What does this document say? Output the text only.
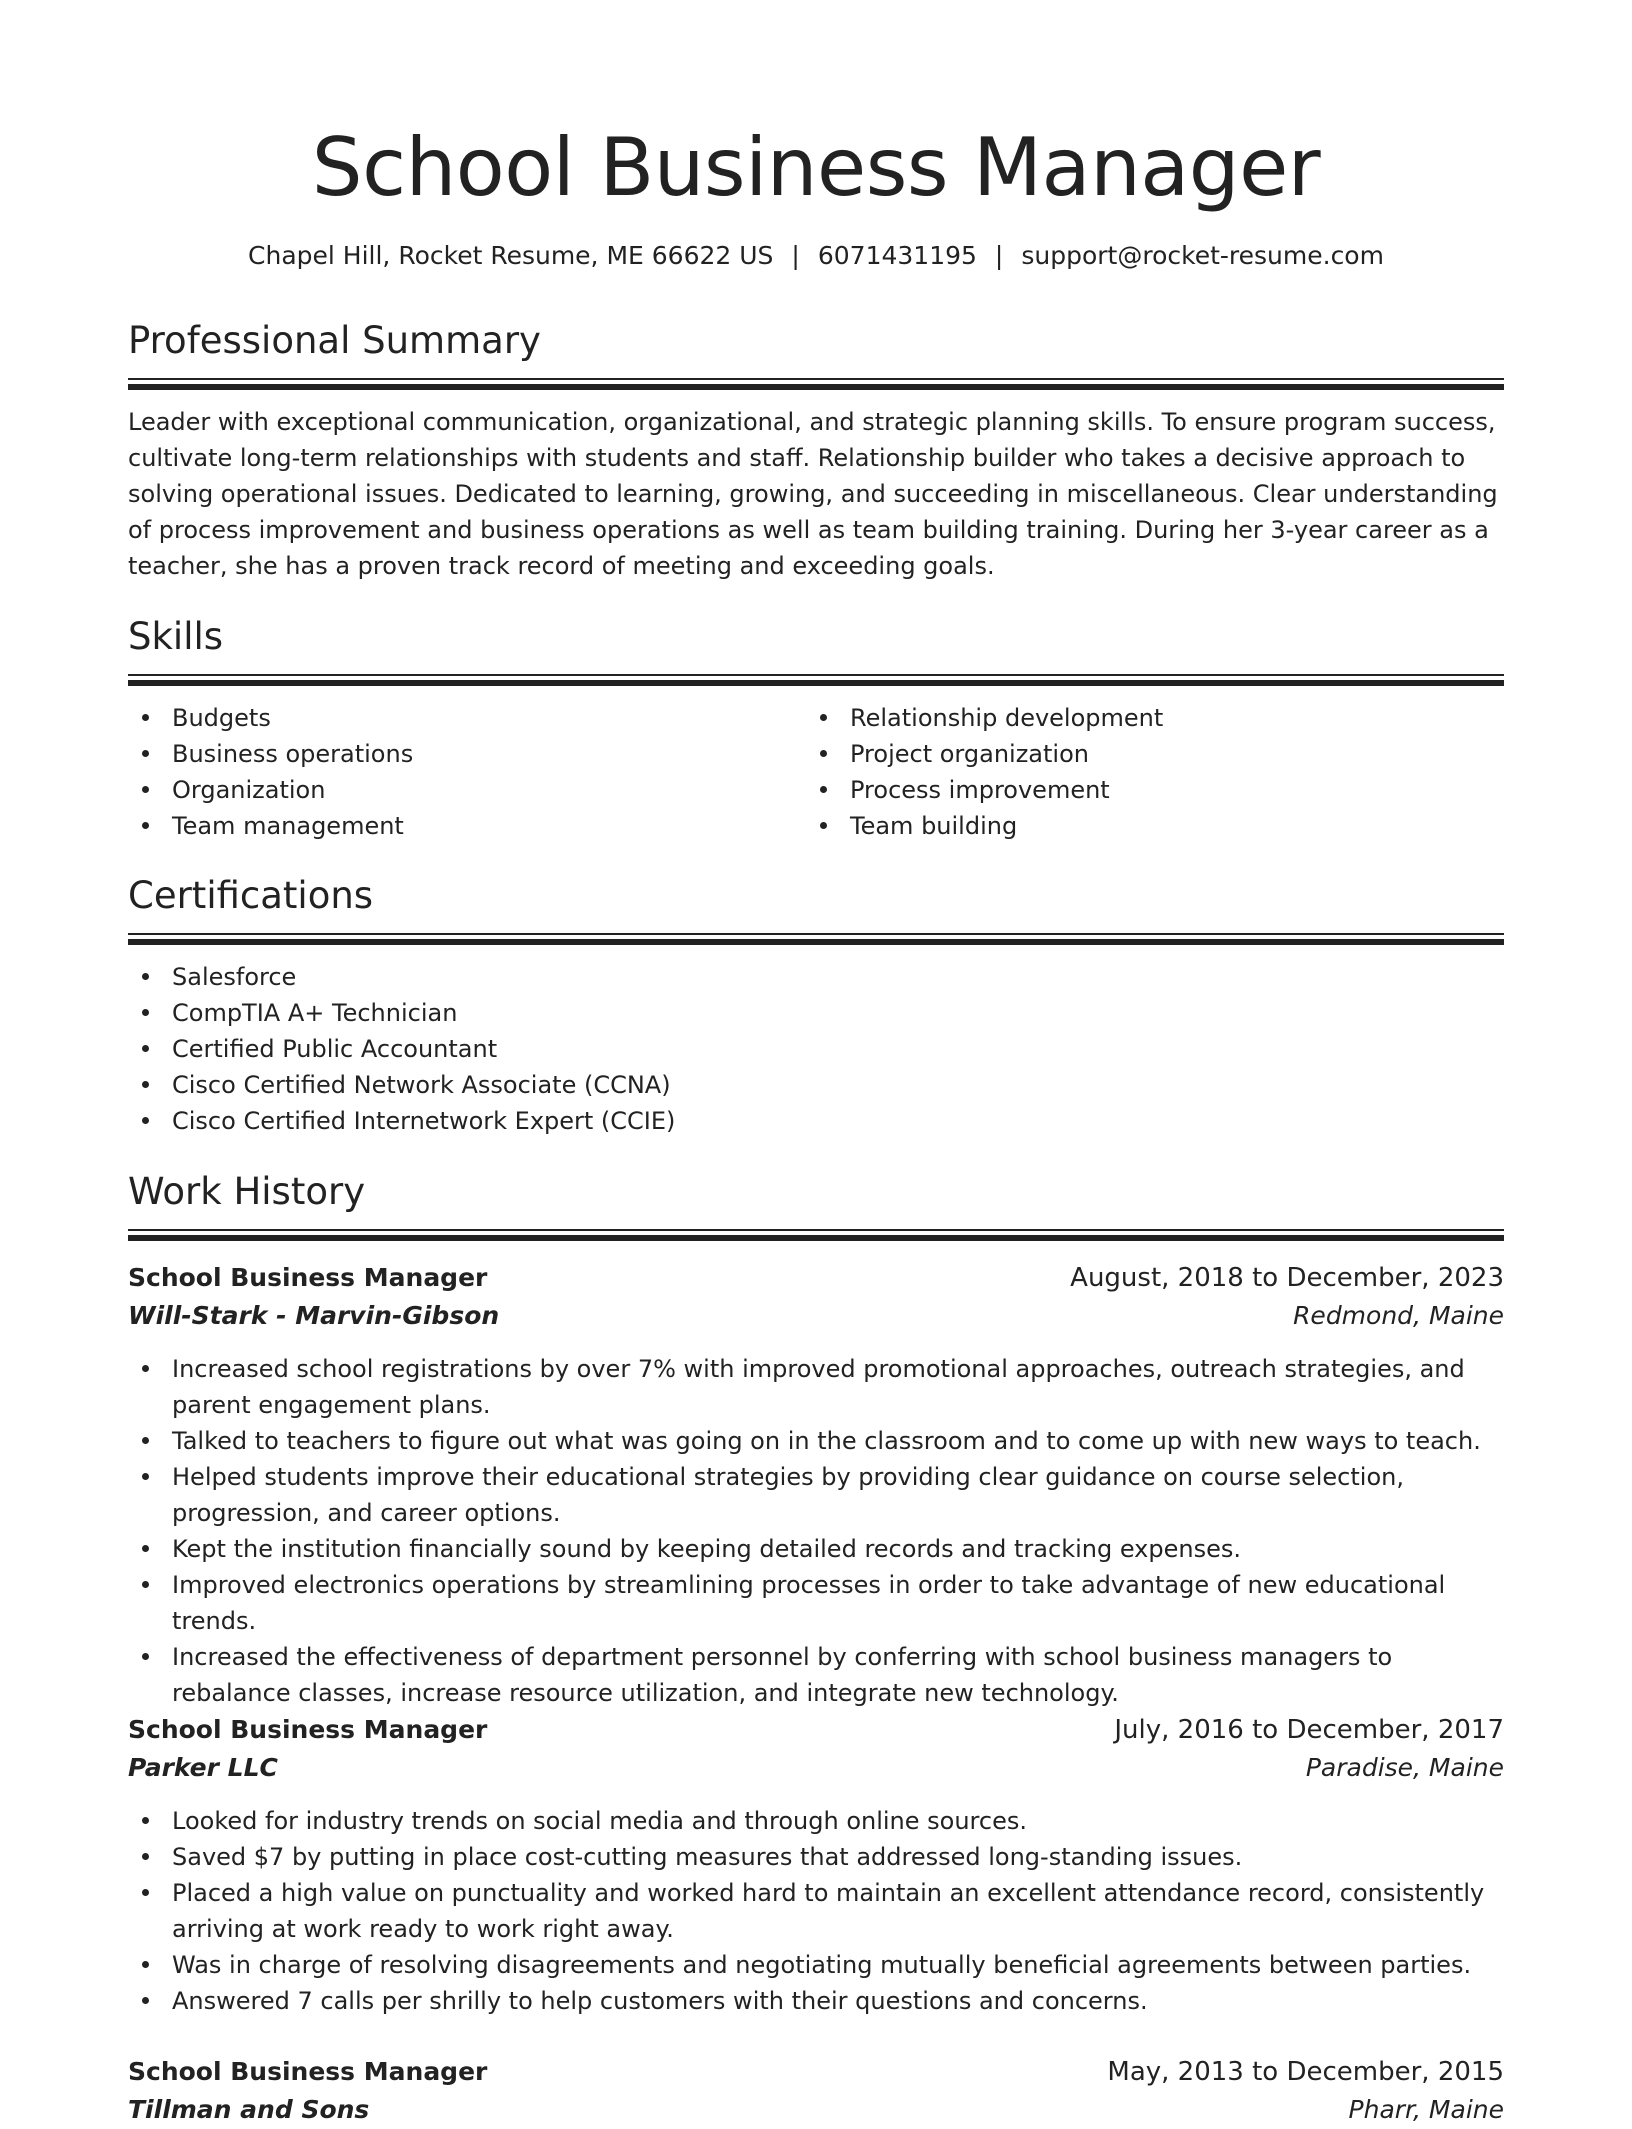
School Business Manager
Chapel Hill, Rocket Resume, ME 66622 US | 6071431195 | support@rocket-resume.com
Professional Summary
Leader with exceptional communication, organizational, and strategic planning skills. To ensure program success, cultivate long-term relationships with students and staff. Relationship builder who takes a decisive approach to solving operational issues. Dedicated to learning, growing, and succeeding in miscellaneous. Clear understanding of process improvement and business operations as well as team building training. During her 3-year career as a teacher, she has a proven track record of meeting and exceeding goals.
Skills
Budgets
Business operations
Organization
Team management
Relationship development
Project organization
Process improvement
Team building
Certifications
Salesforce
CompTIA A+ Technician
Certified Public Accountant
Cisco Certified Network Associate (CCNA)
Cisco Certified Internetwork Expert (CCIE)
Work History
School Business Manager	August, 2018 to December, 2023
Will-Stark - Marvin-Gibson	Redmond, Maine
Increased school registrations by over 7% with improved promotional approaches, outreach strategies, and parent engagement plans.
Talked to teachers to figure out what was going on in the classroom and to come up with new ways to teach.
Helped students improve their educational strategies by providing clear guidance on course selection, progression, and career options.
Kept the institution financially sound by keeping detailed records and tracking expenses.
Improved electronics operations by streamlining processes in order to take advantage of new educational trends.
Increased the effectiveness of department personnel by conferring with school business managers to rebalance classes, increase resource utilization, and integrate new technology.
School Business Manager	July, 2016 to December, 2017
Parker LLC	Paradise, Maine
Looked for industry trends on social media and through online sources.
Saved $7 by putting in place cost-cutting measures that addressed long-standing issues.
Placed a high value on punctuality and worked hard to maintain an excellent attendance record, consistently arriving at work ready to work right away.
Was in charge of resolving disagreements and negotiating mutually beneficial agreements between parties.
Answered 7 calls per shrilly to help customers with their questions and concerns.
School Business Manager	May, 2013 to December, 2015
Tillman and Sons	Pharr, Maine
